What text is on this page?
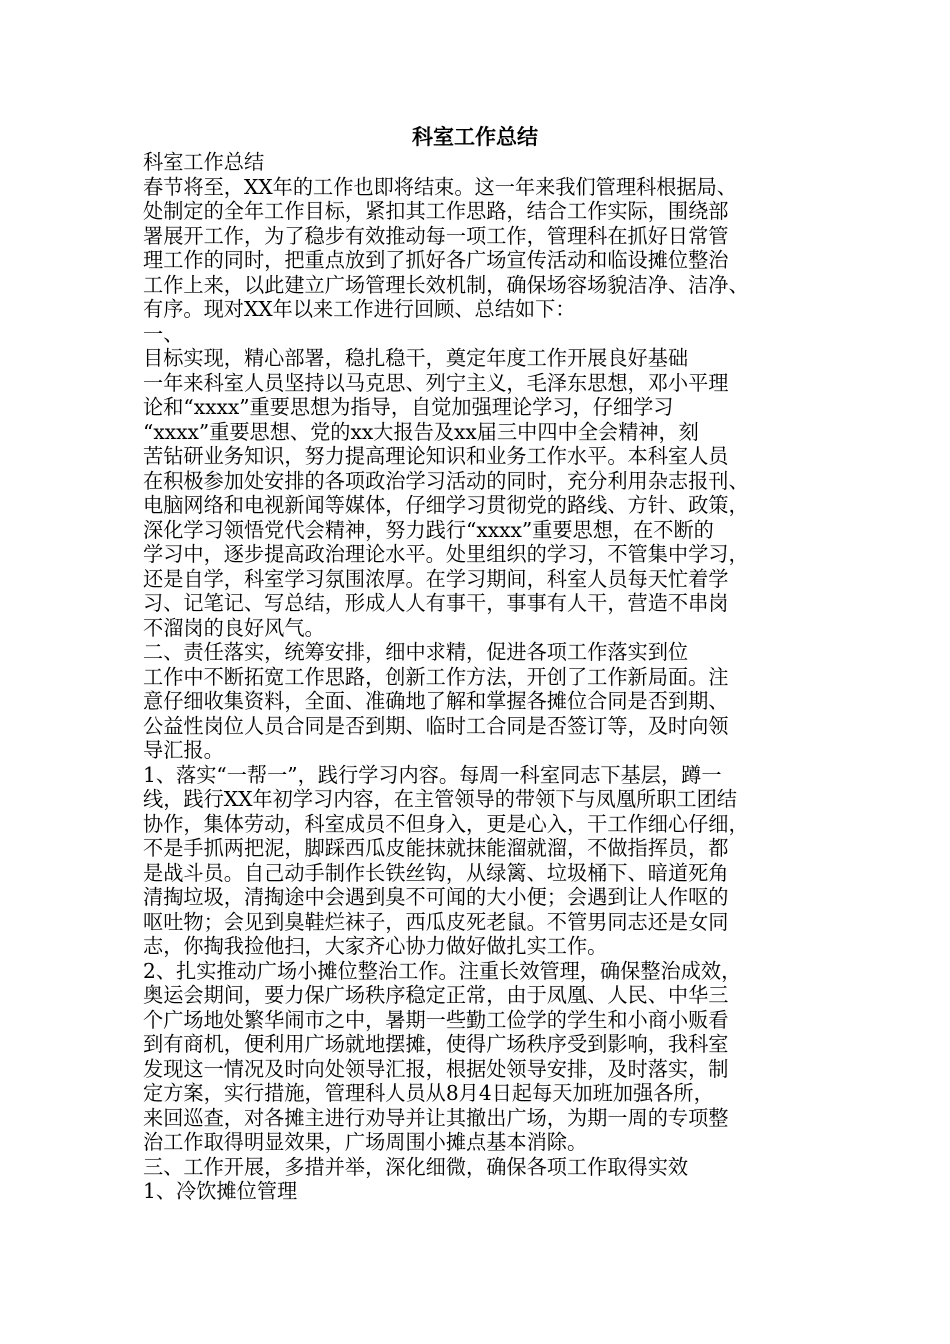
科室工作总结

科室工作总结

春节将至，XX年的工作也即将结束。这一年来我们管理科根据局、

处制定的全年工作目标，紧扣其工作思路，结合工作实际，围绕部

署展开工作，为了稳步有效推动每一项工作，管理科在抓好日常管

理工作的同时，把重点放到了抓好各广场宣传活动和临设摊位整治

工作上来，以此建立广场管理长效机制，确保场容场貌洁净、洁净、

有序。现对XX年以来工作进行回顾、总结如下：

一、

目标实现，精心部署，稳扎稳干，奠定年度工作开展良好基础

一年来科室人员坚持以马克思、列宁主义，毛泽东思想，邓小平理

论和“xxxx”重要思想为指导，自觉加强理论学习，仔细学习

“xxxx”重要思想、党的xx大报告及xx届三中四中全会精神，刻

苦钻研业务知识，努力提高理论知识和业务工作水平。本科室人员

在积极参加处安排的各项政治学习活动的同时，充分利用杂志报刊、

电脑网络和电视新闻等媒体，仔细学习贯彻党的路线、方针、政策，

深化学习领悟党代会精神，努力践行“xxxx”重要思想，在不断的

学习中，逐步提高政治理论水平。处里组织的学习，不管集中学习，

还是自学，科室学习氛围浓厚。在学习期间，科室人员每天忙着学

习、记笔记、写总结，形成人人有事干，事事有人干，营造不串岗

不溜岗的良好风气。

二、责任落实，统筹安排，细中求精，促进各项工作落实到位

工作中不断拓宽工作思路，创新工作方法，开创了工作新局面。注

意仔细收集资料，全面、准确地了解和掌握各摊位合同是否到期、

公益性岗位人员合同是否到期、临时工合同是否签订等，及时向领

导汇报。

1、落实“一帮一”，践行学习内容。每周一科室同志下基层，蹲一

线，践行XX年初学习内容，在主管领导的带领下与凤凰所职工团结

协作，集体劳动，科室成员不但身入，更是心入，干工作细心仔细，

不是手抓两把泥，脚踩西瓜皮能抹就抹能溜就溜，不做指挥员，都

是战斗员。自己动手制作长铁丝钩，从绿篱、垃圾桶下、暗道死角

清掏垃圾，清掏途中会遇到臭不可闻的大小便；会遇到让人作呕的

呕吐物；会见到臭鞋烂袜子，西瓜皮死老鼠。不管男同志还是女同

志，你掏我捡他扫，大家齐心协力做好做扎实工作。

2、扎实推动广场小摊位整治工作。注重长效管理，确保整治成效，

奥运会期间，要力保广场秩序稳定正常，由于凤凰、人民、中华三

个广场地处繁华闹市之中，暑期一些勤工俭学的学生和小商小贩看

到有商机，便利用广场就地摆摊，使得广场秩序受到影响，我科室

发现这一情况及时向处领导汇报，根据处领导安排，及时落实，制

定方案，实行措施，管理科人员从8月4日起每天加班加强各所，

来回巡查，对各摊主进行劝导并让其撤出广场，为期一周的专项整

治工作取得明显效果，广场周围小摊点基本消除。

三、工作开展，多措并举，深化细微，确保各项工作取得实效

1、冷饮摊位管理
